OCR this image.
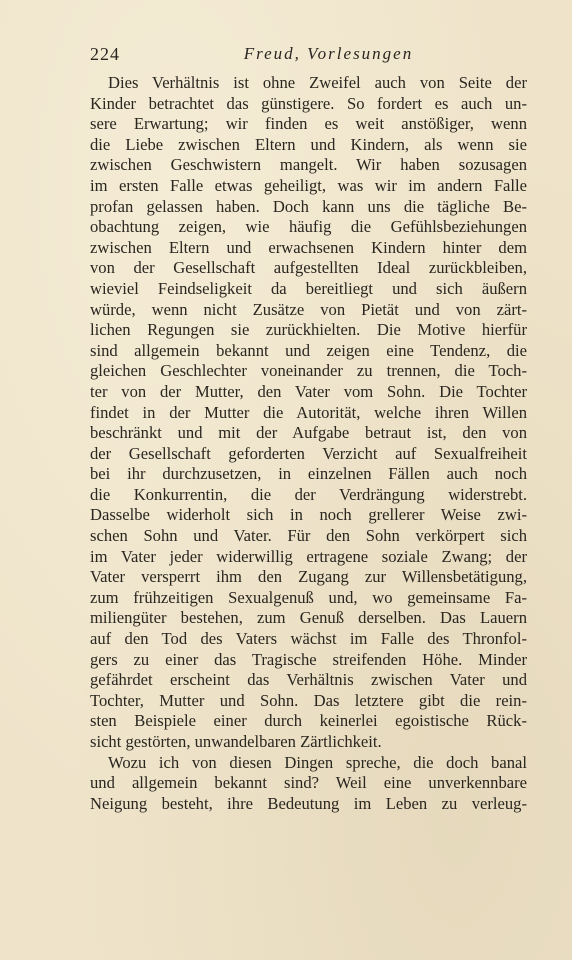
224	Freud, Vorlesungen
Dies Verhältnis ist ohne Zweifel auch von Seite der
Kinder betrachtet das günstigere. So fordert es auch un-
sere Erwartung; wir finden es weit anstößiger, wenn
die Liebe zwischen Eltern und Kindern, als wenn sie
zwischen Geschwistern mangelt. Wir haben sozusagen
im ersten Falle etwas geheiligt, was wir im andern Falle
profan gelassen haben. Doch kann uns die tägliche Be-
obachtung zeigen, wie häufig die Gefühlsbeziehungen
zwischen Eltern und erwachsenen Kindern hinter dem
von der Gesellschaft aufgestellten Ideal zurückbleiben,
wieviel Feindseligkeit da bereitliegt und sich äußern
würde, wenn nicht Zusätze von Pietät und von zärt-
lichen Regungen sie zurückhielten. Die Motive hierfür
sind allgemein bekannt und zeigen eine Tendenz, die
gleichen Geschlechter voneinander zu trennen, die Toch-
ter von der Mutter, den Vater vom Sohn. Die Tochter
findet in der Mutter die Autorität, welche ihren Willen
beschränkt und mit der Aufgabe betraut ist, den von
der Gesellschaft geforderten Verzicht auf Sexualfreiheit
bei ihr durchzusetzen, in einzelnen Fällen auch noch
die Konkurrentin, die der Verdrängung widerstrebt.
Dasselbe widerholt sich in noch grellerer Weise zwi-
schen Sohn und Vater. Für den Sohn verkörpert sich
im Vater jeder widerwillig ertragene soziale Zwang; der
Vater versperrt ihm den Zugang zur Willensbetätigung,
zum frühzeitigen Sexualgenuß und, wo gemeinsame Fa-
miliengüter bestehen, zum Genuß derselben. Das Lauern
auf den Tod des Vaters wächst im Falle des Thronfol-
gers zu einer das Tragische streifenden Höhe. Minder
gefährdet erscheint das Verhältnis zwischen Vater und
Tochter, Mutter und Sohn. Das letztere gibt die rein-
sten Beispiele einer durch keinerlei egoistische Rück-
sicht gestörten, unwandelbaren Zärtlichkeit.
Wozu ich von diesen Dingen spreche, die doch banal
und allgemein bekannt sind? Weil eine unverkennbare
Neigung besteht, ihre Bedeutung im Leben zu verleug-
